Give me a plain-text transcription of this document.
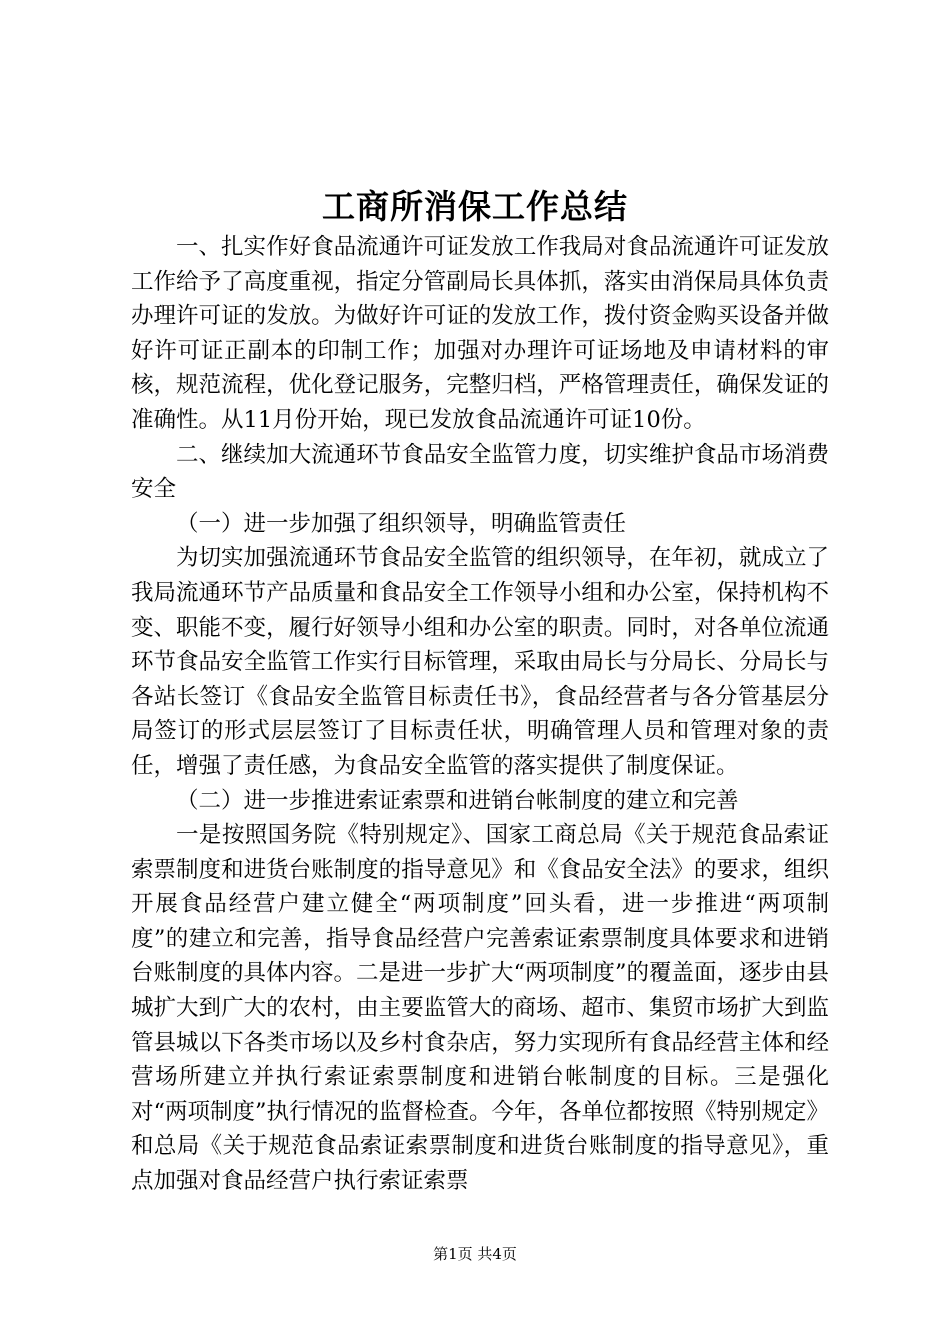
工商所消保工作总结

一、扎实作好食品流通许可证发放工作我局对食品流通许可证发放工作给予了高度重视，指定分管副局长具体抓，落实由消保局具体负责办理许可证的发放。为做好许可证的发放工作，拨付资金购买设备并做好许可证正副本的印制工作；加强对办理许可证场地及申请材料的审核，规范流程，优化登记服务，完整归档，严格管理责任，确保发证的准确性。从11月份开始，现已发放食品流通许可证10份。

二、继续加大流通环节食品安全监管力度，切实维护食品市场消费安全

（一）进一步加强了组织领导，明确监管责任

为切实加强流通环节食品安全监管的组织领导，在年初，就成立了我局流通环节产品质量和食品安全工作领导小组和办公室，保持机构不变、职能不变，履行好领导小组和办公室的职责。同时，对各单位流通环节食品安全监管工作实行目标管理，采取由局长与分局长、分局长与各站长签订《食品安全监管目标责任书》，食品经营者与各分管基层分局签订的形式层层签订了目标责任状，明确管理人员和管理对象的责任，增强了责任感，为食品安全监管的落实提供了制度保证。

（二）进一步推进索证索票和进销台帐制度的建立和完善

一是按照国务院《特别规定》、国家工商总局《关于规范食品索证索票制度和进货台账制度的指导意见》和《食品安全法》的要求，组织开展食品经营户建立健全“两项制度”回头看，进一步推进“两项制度”的建立和完善，指导食品经营户完善索证索票制度具体要求和进销台账制度的具体内容。二是进一步扩大“两项制度”的覆盖面，逐步由县城扩大到广大的农村，由主要监管大的商场、超市、集贸市场扩大到监管县城以下各类市场以及乡村食杂店，努力实现所有食品经营主体和经营场所建立并执行索证索票制度和进销台帐制度的目标。三是强化对“两项制度”执行情况的监督检查。今年，各单位都按照《特别规定》和总局《关于规范食品索证索票制度和进货台账制度的指导意见》，重点加强对食品经营户执行索证索票

第1页 共4页
